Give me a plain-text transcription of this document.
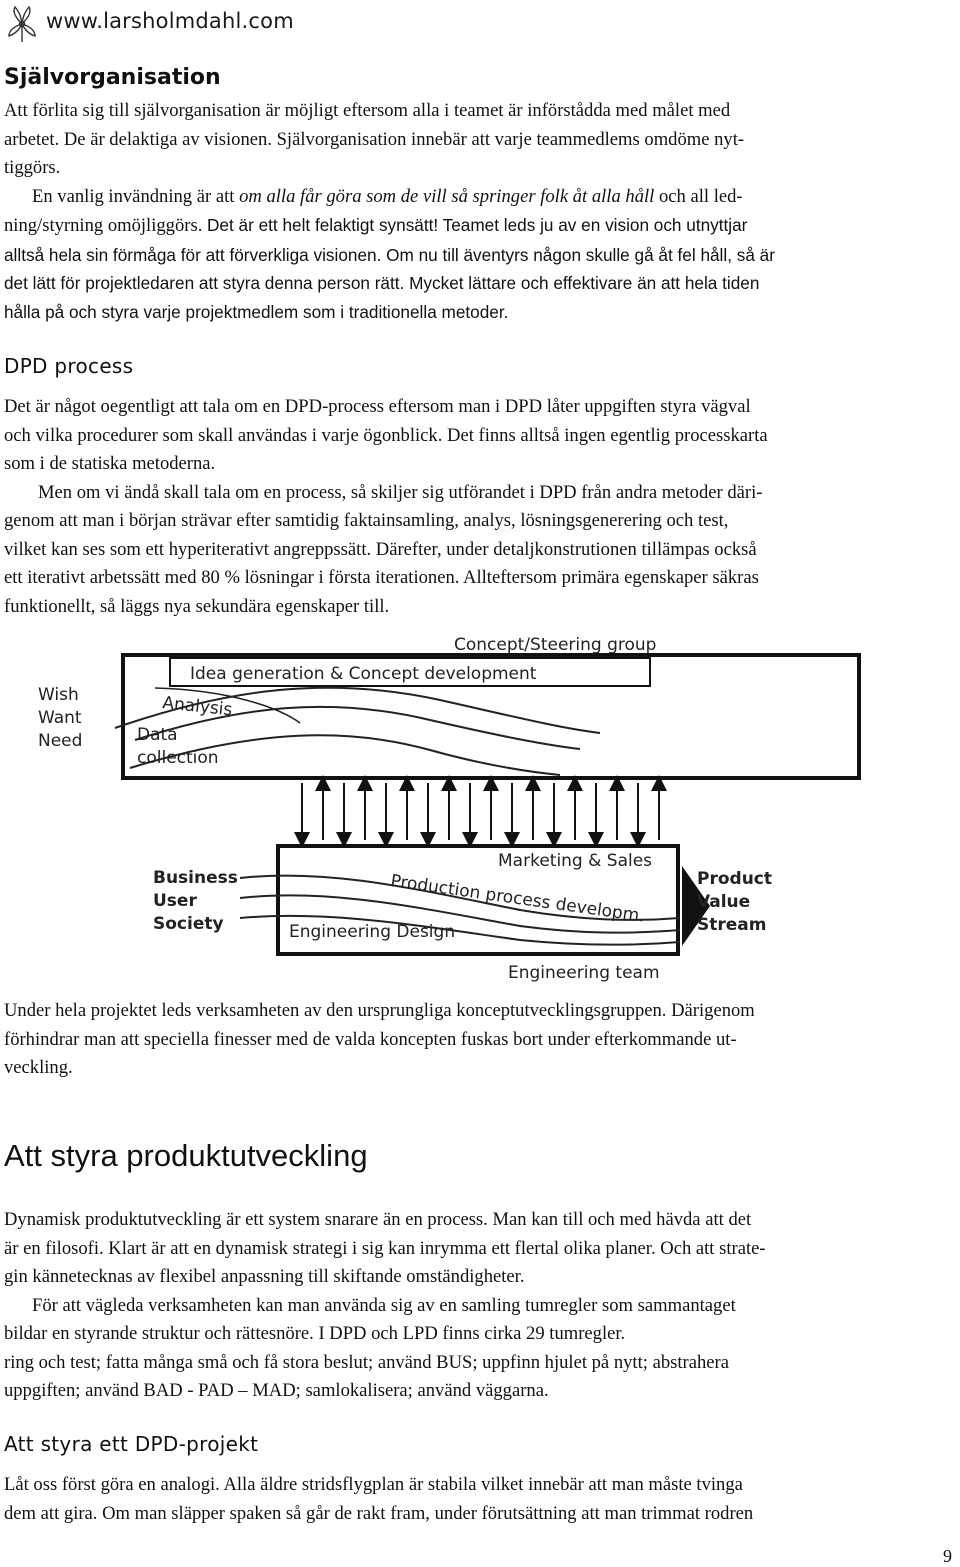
www.larsholmdahl.com
Självorganisation
Att förlita sig till självorganisation är möjligt eftersom alla i teamet är införstådda med målet med
arbetet. De är delaktiga av visionen. Självorganisation innebär att varje teammedlems omdöme nyt-
tiggörs.
En vanlig invändning är att om alla får göra som de vill så springer folk åt alla håll och all led-
ning/styrning omöjliggörs. Det är ett helt felaktigt synsätt! Teamet leds ju av en vision och utnyttjar
alltså hela sin förmåga för att förverkliga visionen. Om nu till äventyrs någon skulle gå åt fel håll, så är
det lätt för projektledaren att styra denna person rätt. Mycket lättare och effektivare än att hela tiden
hålla på och styra varje projektmedlem som i traditionella metoder.
DPD process
Det är något oegentligt att tala om en DPD-process eftersom man i DPD låter uppgiften styra vägval
och vilka procedurer som skall användas i varje ögonblick. Det finns alltså ingen egentlig processkarta
som i de statiska metoderna.
Men om vi ändå skall tala om en process, så skiljer sig utförandet i DPD från andra metoder däri-
genom att man i början strävar efter samtidig faktainsamling, analys, lösningsgenerering och test,
vilket kan ses som ett hyperiterativt angreppssätt. Därefter, under detaljkonstrutionen tillämpas också
ett iterativt arbetssätt med 80 % lösningar i första iterationen. Allteftersom primära egenskaper säkras
funktionellt, så läggs nya sekundära egenskaper till.
Concept/Steering group
Idea generation & Concept development
Wish
Want
Need
Analysis
Data
collection
Marketing & Sales
Production process developm.
Engineering Design
Business
User
Society
Product
Value
Stream
Engineering team
Under hela projektet leds verksamheten av den ursprungliga konceptutvecklingsgruppen. Därigenom
förhindrar man att speciella finesser med de valda koncepten fuskas bort under efterkommande ut-
veckling.
Att styra produktutveckling
Dynamisk produktutveckling är ett system snarare än en process. Man kan till och med hävda att det
är en filosofi. Klart är att en dynamisk strategi i sig kan inrymma ett flertal olika planer. Och att strate-
gin kännetecknas av flexibel anpassning till skiftande omständigheter.
För att vägleda verksamheten kan man använda sig av en samling tumregler som sammantaget
bildar en styrande struktur och rättesnöre. I DPD och LPD finns cirka 29 tumregler.
ring och test; fatta många små och få stora beslut; använd BUS; uppfinn hjulet på nytt; abstrahera
uppgiften; använd BAD - PAD – MAD; samlokalisera; använd väggarna.
Att styra ett DPD-projekt
Låt oss först göra en analogi. Alla äldre stridsflygplan är stabila vilket innebär att man måste tvinga
dem att gira. Om man släpper spaken så går de rakt fram, under förutsättning att man trimmat rodren
9
